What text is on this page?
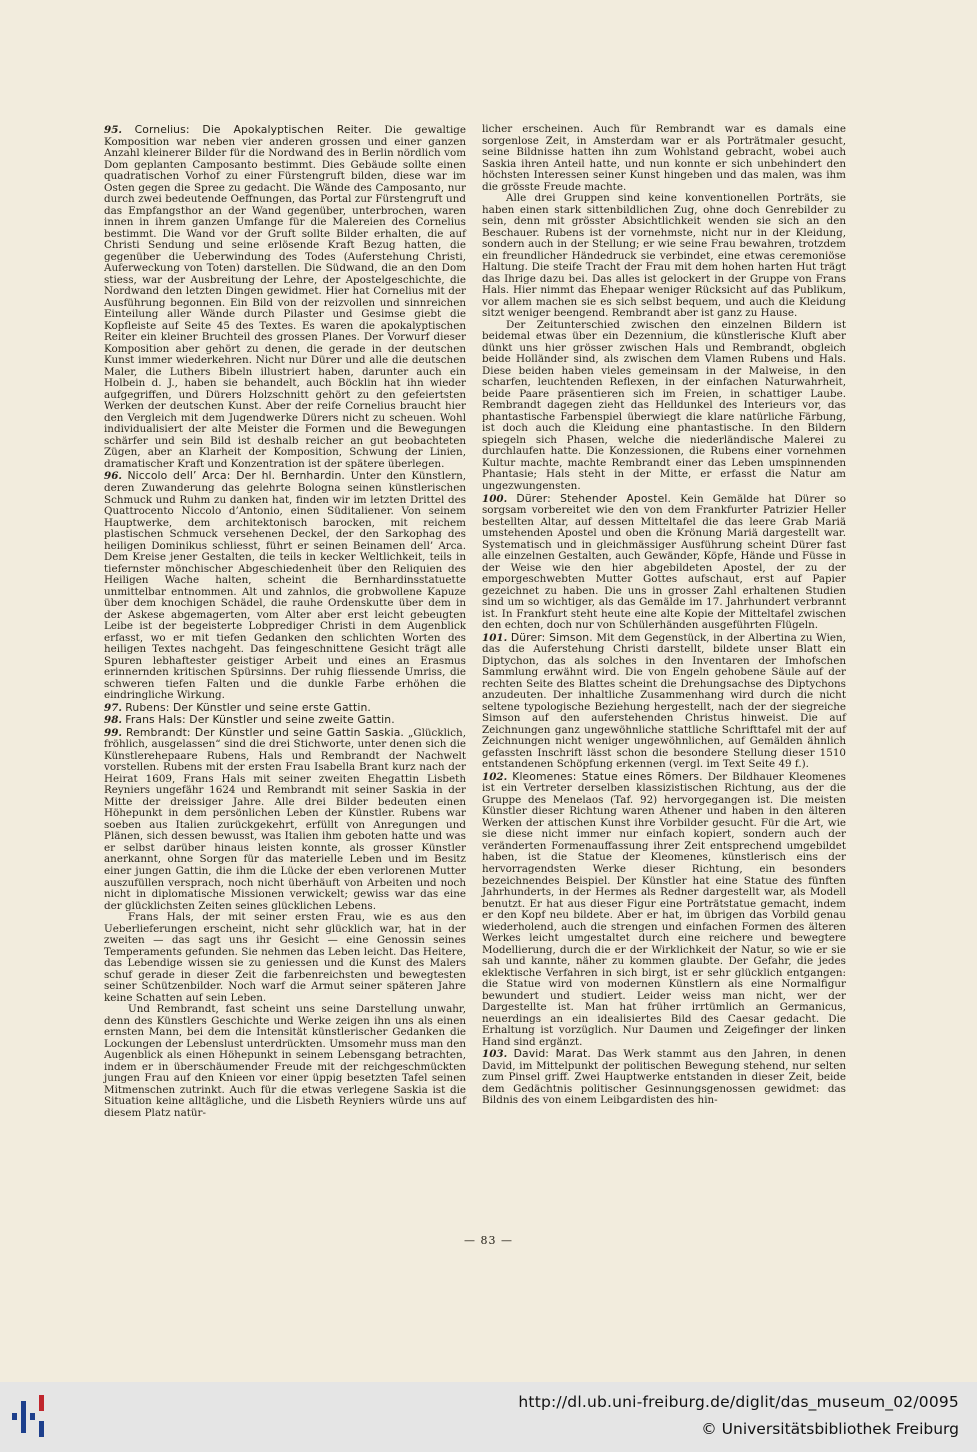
95. Cornelius: Die Apokalyptischen Reiter. Die gewaltige Komposition war neben vier anderen grossen und einer ganzen Anzahl kleinerer Bilder für die Nordwand des in Berlin nördlich vom Dom geplanten Camposanto bestimmt. Dies Gebäude sollte einen quadratischen Vorhof zu einer Fürstengruft bilden, diese war im Osten gegen die Spree zu gedacht. Die Wände des Camposanto, nur durch zwei bedeutende Oeffnungen, das Portal zur Fürstengruft und das Empfangsthor an der Wand gegenüber, unterbrochen, waren innen in ihrem ganzen Umfange für die Malereien des Cornelius bestimmt. Die Wand vor der Gruft sollte Bilder erhalten, die auf Christi Sendung und seine erlösende Kraft Bezug hatten, die gegenüber die Ueberwindung des Todes (Auferstehung Christi, Auferweckung von Toten) darstellen. Die Südwand, die an den Dom stiess, war der Ausbreitung der Lehre, der Apostelgeschichte, die Nordwand den letzten Dingen gewidmet. Hier hat Cornelius mit der Ausführung begonnen. Ein Bild von der reizvollen und sinnreichen Einteilung aller Wände durch Pilaster und Gesimse giebt die Kopfleiste auf Seite 45 des Textes. Es waren die apokalyptischen Reiter ein kleiner Bruchteil des grossen Planes. Der Vorwurf dieser Komposition aber gehört zu denen, die gerade in der deutschen Kunst immer wiederkehren. Nicht nur Dürer und alle die deutschen Maler, die Luthers Bibeln illustriert haben, darunter auch ein Holbein d. J., haben sie behandelt, auch Böcklin hat ihn wieder aufgegriffen, und Dürers Holzschnitt gehört zu den gefeiertsten Werken der deutschen Kunst. Aber der reife Cornelius braucht hier den Vergleich mit dem Jugendwerke Dürers nicht zu scheuen. Wohl individualisiert der alte Meister die Formen und die Bewegungen schärfer und sein Bild ist deshalb reicher an gut beobachteten Zügen, aber an Klarheit der Komposition, Schwung der Linien, dramatischer Kraft und Konzentration ist der spätere überlegen.

96. Niccolo dell’ Arca: Der hl. Bernhardin. Unter den Künstlern, deren Zuwanderung das gelehrte Bologna seinen künstlerischen Schmuck und Ruhm zu danken hat, finden wir im letzten Drittel des Quattrocento Niccolo d’Antonio, einen Süditaliener. Von seinem Hauptwerke, dem architektonisch barocken, mit reichem plastischen Schmuck versehenen Deckel, der den Sarkophag des heiligen Dominikus schliesst, führt er seinen Beinamen dell’ Arca. Dem Kreise jener Gestalten, die teils in kecker Weltlichkeit, teils in tiefernster mönchischer Abgeschiedenheit über den Reliquien des Heiligen Wache halten, scheint die Bernhardinsstatuette unmittelbar entnommen. Alt und zahnlos, die grobwollene Kapuze über dem knochigen Schädel, die rauhe Ordenskutte über dem in der Askese abgemagerten, vom Alter aber erst leicht gebeugten Leibe ist der begeisterte Lobprediger Christi in dem Augenblick erfasst, wo er mit tiefen Gedanken den schlichten Worten des heiligen Textes nachgeht. Das feingeschnittene Gesicht trägt alle Spuren lebhaftester geistiger Arbeit und eines an Erasmus erinnernden kritischen Spürsinns. Der ruhig fliessende Umriss, die schweren tiefen Falten und die dunkle Farbe erhöhen die eindringliche Wirkung.

97. Rubens: Der Künstler und seine erste Gattin.

98. Frans Hals: Der Künstler und seine zweite Gattin.

99. Rembrandt: Der Künstler und seine Gattin Saskia. „Glücklich, fröhlich, ausgelassen“ sind die drei Stichworte, unter denen sich die Künstlerehepaare Rubens, Hals und Rembrandt der Nachwelt vorstellen. Rubens mit der ersten Frau Isabella Brant kurz nach der Heirat 1609, Frans Hals mit seiner zweiten Ehegattin Lisbeth Reyniers ungefähr 1624 und Rembrandt mit seiner Saskia in der Mitte der dreissiger Jahre. Alle drei Bilder bedeuten einen Höhepunkt in dem persönlichen Leben der Künstler. Rubens war soeben aus Italien zurückgekehrt, erfüllt von Anregungen und Plänen, sich dessen bewusst, was Italien ihm geboten hatte und was er selbst darüber hinaus leisten konnte, als grosser Künstler anerkannt, ohne Sorgen für das materielle Leben und im Besitz einer jungen Gattin, die ihm die Lücke der eben verlorenen Mutter auszufüllen versprach, noch nicht überhäuft von Arbeiten und noch nicht in diplomatische Missionen verwickelt; gewiss war das eine der glücklichsten Zeiten seines glücklichen Lebens.

Frans Hals, der mit seiner ersten Frau, wie es aus den Ueberlieferungen erscheint, nicht sehr glücklich war, hat in der zweiten — das sagt uns ihr Gesicht — eine Genossin seines Temperaments gefunden. Sie nehmen das Leben leicht. Das Heitere, das Lebendige wissen sie zu geniessen und die Kunst des Malers schuf gerade in dieser Zeit die farbenreichsten und bewegtesten seiner Schützenbilder. Noch warf die Armut seiner späteren Jahre keine Schatten auf sein Leben.

Und Rembrandt, fast scheint uns seine Darstellung unwahr, denn des Künstlers Geschichte und Werke zeigen ihn uns als einen ernsten Mann, bei dem die Intensität künstlerischer Gedanken die Lockungen der Lebenslust unterdrückten. Umsomehr muss man den Augenblick als einen Höhepunkt in seinem Lebensgang betrachten, indem er in überschäumender Freude mit der reichgeschmückten jungen Frau auf den Knieen vor einer üppig besetzten Tafel seinen Mitmenschen zutrinkt. Auch für die etwas verlegene Saskia ist die Situation keine alltägliche, und die Lisbeth Reyniers würde uns auf diesem Platz natür-

licher erscheinen. Auch für Rembrandt war es damals eine sorgenlose Zeit, in Amsterdam war er als Porträtmaler gesucht, seine Bildnisse hatten ihn zum Wohlstand gebracht, wobei auch Saskia ihren Anteil hatte, und nun konnte er sich unbehindert den höchsten Interessen seiner Kunst hingeben und das malen, was ihm die grösste Freude machte.

Alle drei Gruppen sind keine konventionellen Porträts, sie haben einen stark sittenbildlichen Zug, ohne doch Genrebilder zu sein, denn mit grösster Absichtlichkeit wenden sie sich an den Beschauer. Rubens ist der vornehmste, nicht nur in der Kleidung, sondern auch in der Stellung; er wie seine Frau bewahren, trotzdem ein freundlicher Händedruck sie verbindet, eine etwas ceremoniöse Haltung. Die steife Tracht der Frau mit dem hohen harten Hut trägt das Ihrige dazu bei. Das alles ist gelockert in der Gruppe von Frans Hals. Hier nimmt das Ehepaar weniger Rücksicht auf das Publikum, vor allem machen sie es sich selbst bequem, und auch die Kleidung sitzt weniger beengend. Rembrandt aber ist ganz zu Hause.

Der Zeitunterschied zwischen den einzelnen Bildern ist beidemal etwas über ein Dezennium, die künstlerische Kluft aber dünkt uns hier grösser zwischen Hals und Rembrandt, obgleich beide Holländer sind, als zwischen dem Vlamen Rubens und Hals. Diese beiden haben vieles gemeinsam in der Malweise, in den scharfen, leuchtenden Reflexen, in der einfachen Naturwahrheit, beide Paare präsentieren sich im Freien, in schattiger Laube. Rembrandt dagegen zieht das Helldunkel des Interieurs vor, das phantastische Farbenspiel überwiegt die klare natürliche Färbung, ist doch auch die Kleidung eine phantastische. In den Bildern spiegeln sich Phasen, welche die niederländische Malerei zu durchlaufen hatte. Die Konzessionen, die Rubens einer vornehmen Kultur machte, machte Rembrandt einer das Leben umspinnenden Phantasie; Hals steht in der Mitte, er erfasst die Natur am ungezwungensten.

100. Dürer: Stehender Apostel. Kein Gemälde hat Dürer so sorgsam vorbereitet wie den von dem Frankfurter Patrizier Heller bestellten Altar, auf dessen Mitteltafel die das leere Grab Mariä umstehenden Apostel und oben die Krönung Mariä dargestellt war. Systematisch und in gleichmässiger Ausführung scheint Dürer fast alle einzelnen Gestalten, auch Gewänder, Köpfe, Hände und Füsse in der Weise wie den hier abgebildeten Apostel, der zu der emporgeschwebten Mutter Gottes aufschaut, erst auf Papier gezeichnet zu haben. Die uns in grosser Zahl erhaltenen Studien sind um so wichtiger, als das Gemälde im 17. Jahrhundert verbrannt ist. In Frankfurt steht heute eine alte Kopie der Mitteltafel zwischen den echten, doch nur von Schülerhänden ausgeführten Flügeln.

101. Dürer: Simson. Mit dem Gegenstück, in der Albertina zu Wien, das die Auferstehung Christi darstellt, bildete unser Blatt ein Diptychon, das als solches in den Inventaren der Imhofschen Sammlung erwähnt wird. Die von Engeln gehobene Säule auf der rechten Seite des Blattes scheint die Drehungsachse des Diptychons anzudeuten. Der inhaltliche Zusammenhang wird durch die nicht seltene typologische Beziehung hergestellt, nach der der siegreiche Simson auf den auferstehenden Christus hinweist. Die auf Zeichnungen ganz ungewöhnliche stattliche Schrifttafel mit der auf Zeichnungen nicht weniger ungewöhnlichen, auf Gemälden ähnlich gefassten Inschrift lässt schon die besondere Stellung dieser 1510 entstandenen Schöpfung erkennen (vergl. im Text Seite 49 f.).

102. Kleomenes: Statue eines Römers. Der Bildhauer Kleomenes ist ein Vertreter derselben klassizistischen Richtung, aus der die Gruppe des Menelaos (Taf. 92) hervorgegangen ist. Die meisten Künstler dieser Richtung waren Athener und haben in den älteren Werken der attischen Kunst ihre Vorbilder gesucht. Für die Art, wie sie diese nicht immer nur einfach kopiert, sondern auch der veränderten Formenauffassung ihrer Zeit entsprechend umgebildet haben, ist die Statue der Kleomenes, künstlerisch eins der hervorragendsten Werke dieser Richtung, ein besonders bezeichnendes Beispiel. Der Künstler hat eine Statue des fünften Jahrhunderts, in der Hermes als Redner dargestellt war, als Modell benutzt. Er hat aus dieser Figur eine Porträtstatue gemacht, indem er den Kopf neu bildete. Aber er hat, im übrigen das Vorbild genau wiederholend, auch die strengen und einfachen Formen des älteren Werkes leicht umgestaltet durch eine reichere und bewegtere Modellierung, durch die er der Wirklichkeit der Natur, so wie er sie sah und kannte, näher zu kommen glaubte. Der Gefahr, die jedes eklektische Verfahren in sich birgt, ist er sehr glücklich entgangen: die Statue wird von modernen Künstlern als eine Normalfigur bewundert und studiert. Leider weiss man nicht, wer der Dargestellte ist. Man hat früher irrtümlich an Germanicus, neuerdings an ein idealisiertes Bild des Caesar gedacht. Die Erhaltung ist vorzüglich. Nur Daumen und Zeigefinger der linken Hand sind ergänzt.

103. David: Marat. Das Werk stammt aus den Jahren, in denen David, im Mittelpunkt der politischen Bewegung stehend, nur selten zum Pinsel griff. Zwei Hauptwerke entstanden in dieser Zeit, beide dem Gedächtnis politischer Gesinnungsgenossen gewidmet: das Bildnis des von einem Leibgardisten des hin-

— 83 —
http://dl.ub.uni-freiburg.de/diglit/das_museum_02/0095
© Universitätsbibliothek Freiburg
